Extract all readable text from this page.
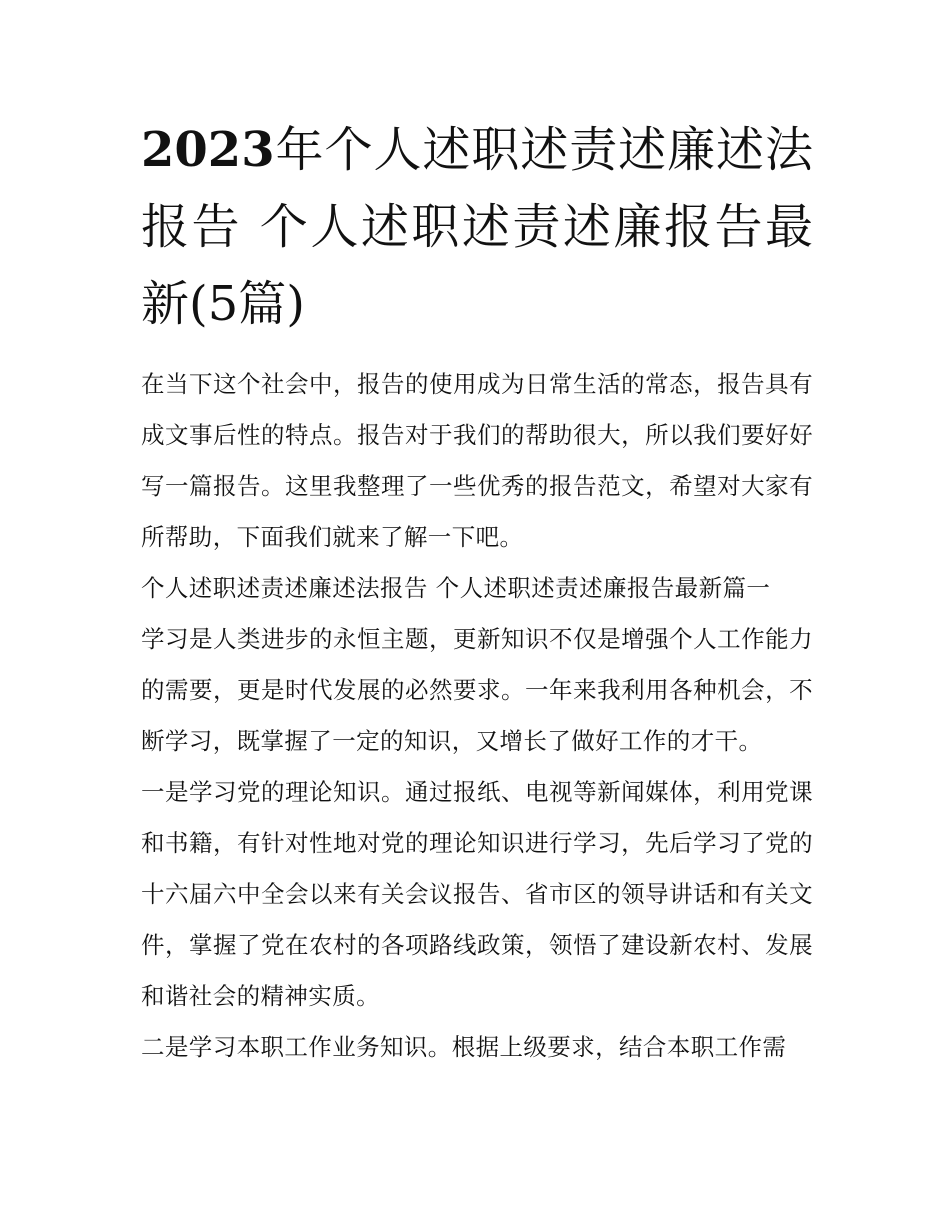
2023年个人述职述责述廉述法报告 个人述职述责述廉报告最新(5篇)

在当下这个社会中，报告的使用成为日常生活的常态，报告具有成文事后性的特点。报告对于我们的帮助很大，所以我们要好好写一篇报告。这里我整理了一些优秀的报告范文，希望对大家有所帮助，下面我们就来了解一下吧。

个人述职述责述廉述法报告 个人述职述责述廉报告最新篇一

学习是人类进步的永恒主题，更新知识不仅是增强个人工作能力的需要，更是时代发展的必然要求。一年来我利用各种机会，不断学习，既掌握了一定的知识，又增长了做好工作的才干。

一是学习党的理论知识。通过报纸、电视等新闻媒体，利用党课和书籍，有针对性地对党的理论知识进行学习，先后学习了党的十六届六中全会以来有关会议报告、省市区的领导讲话和有关文件，掌握了党在农村的各项路线政策，领悟了建设新农村、发展和谐社会的精神实质。

二是学习本职工作业务知识。根据上级要求，结合本职工作需
